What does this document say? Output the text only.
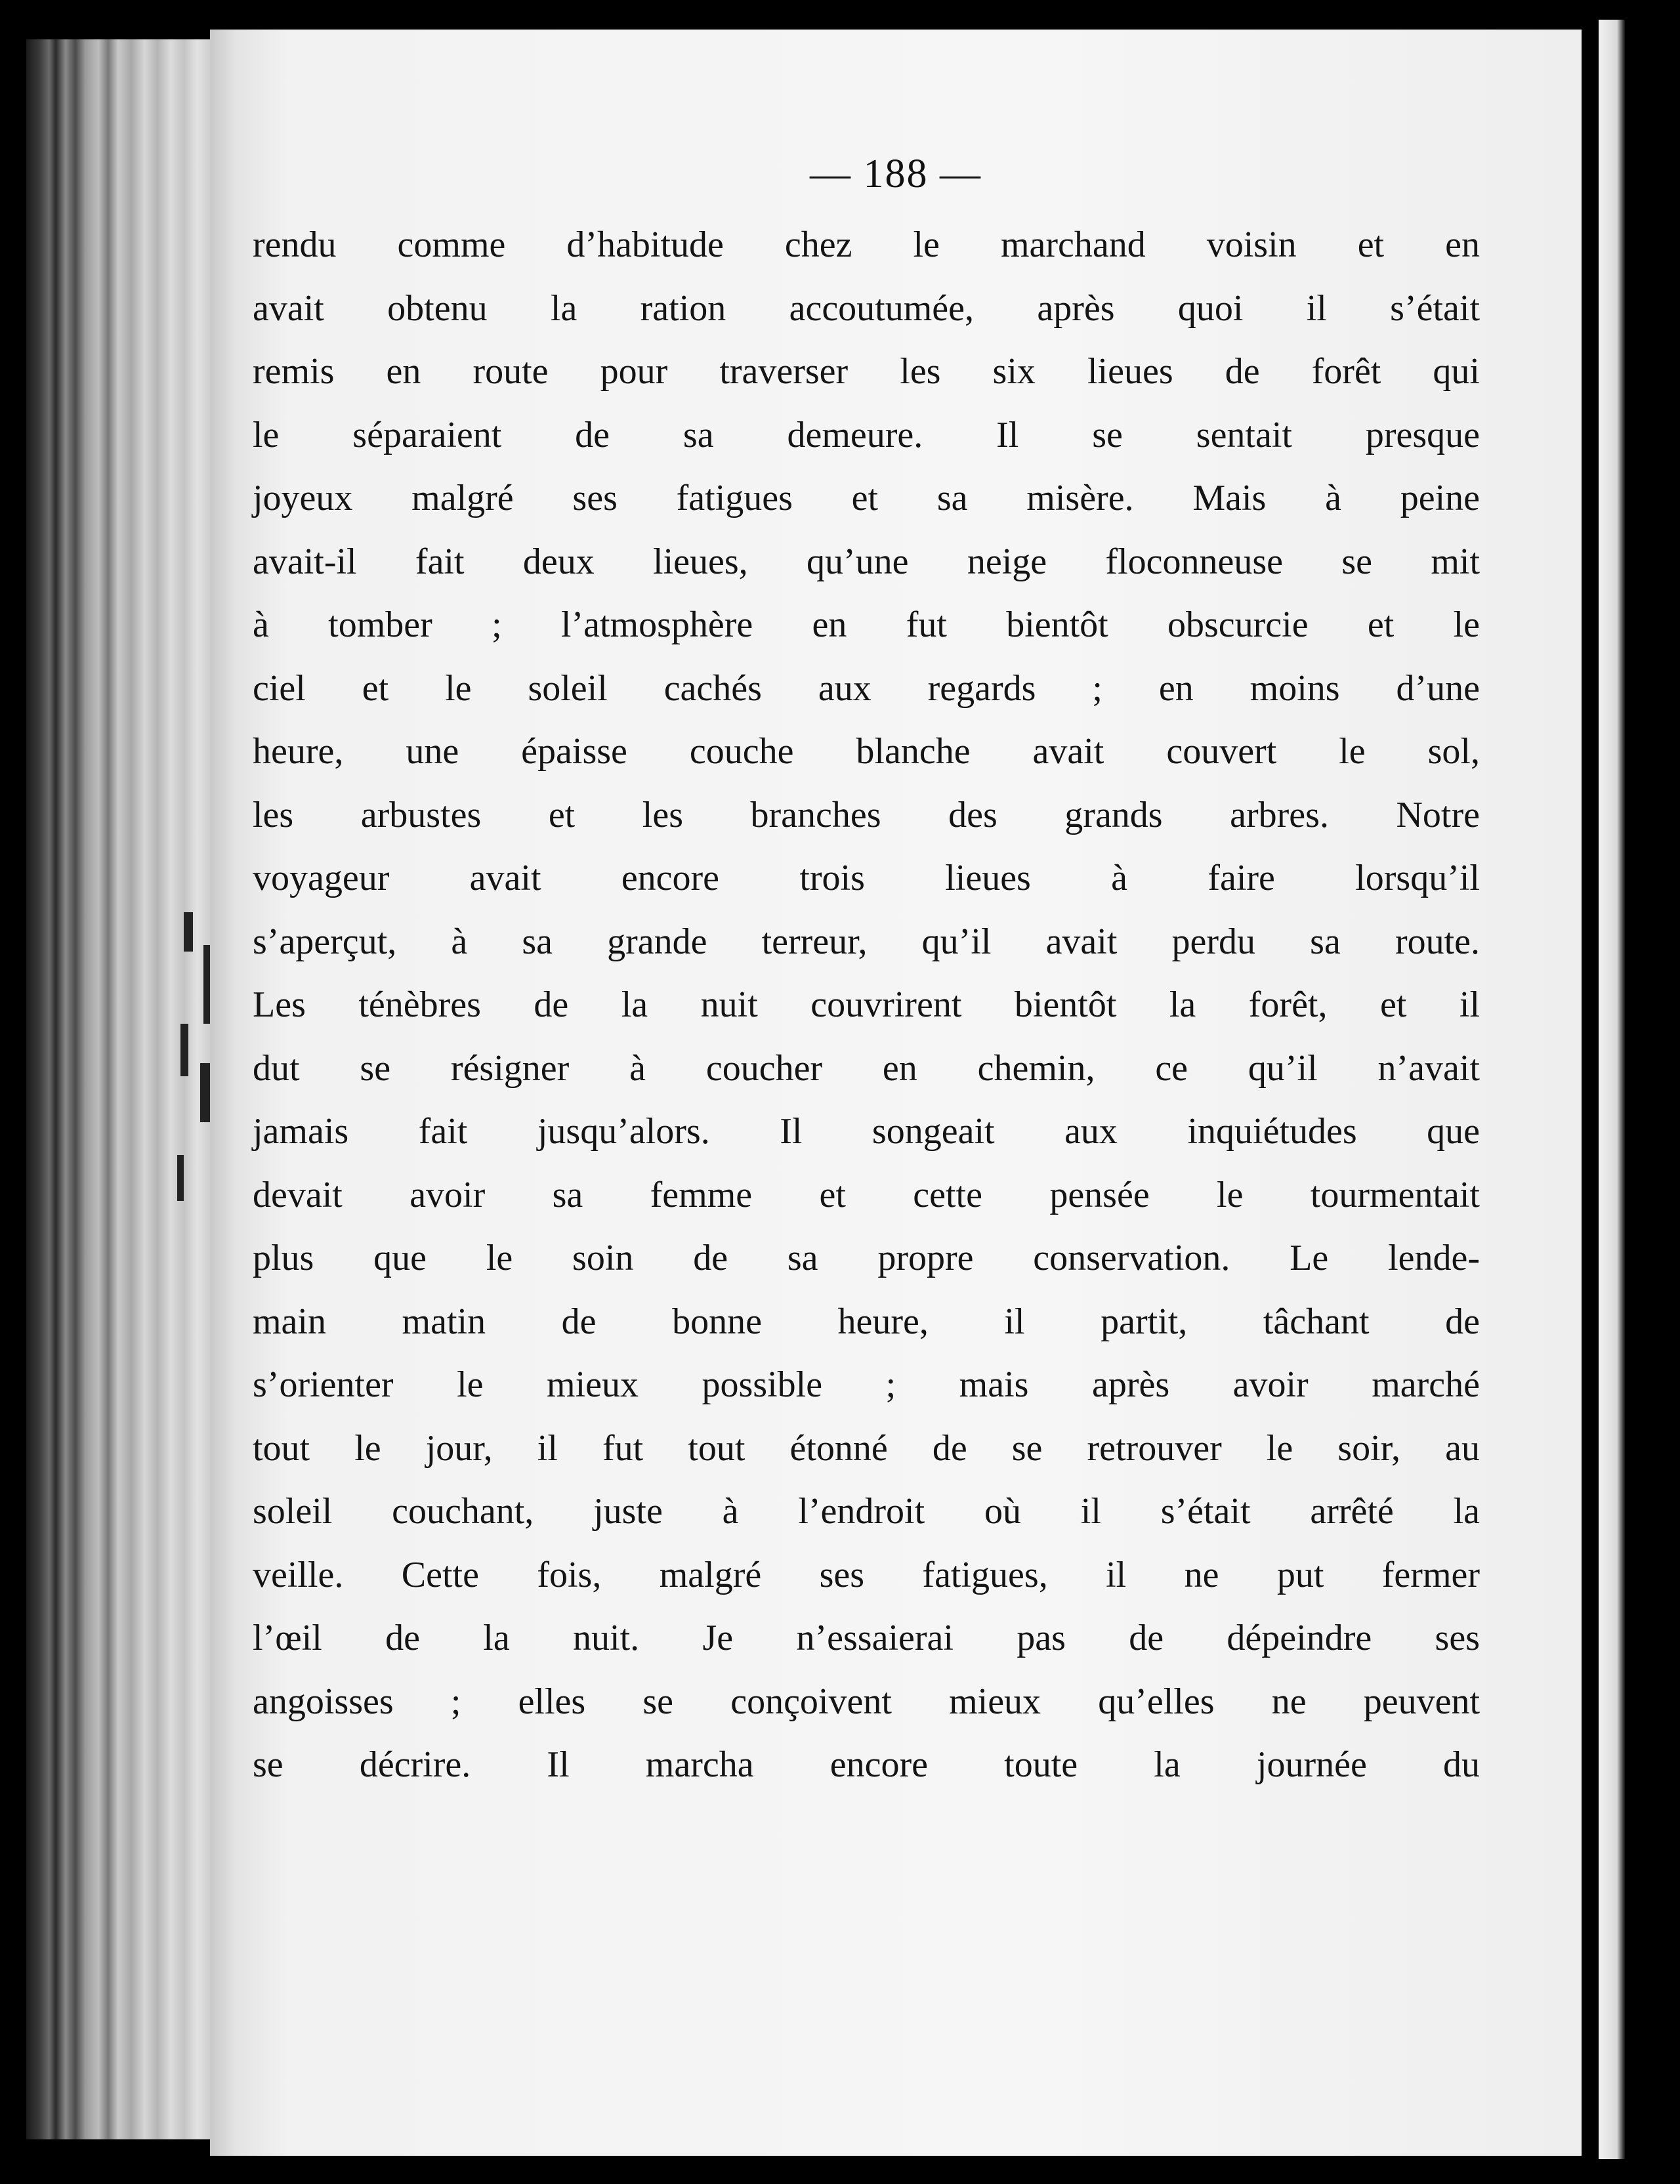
— 188 —
rendu comme d’habitude chez le marchand voisin et en
avait obtenu la ration accoutumée, après quoi il s’était
remis en route pour traverser les six lieues de forêt qui
le séparaient de sa demeure. Il se sentait presque
joyeux malgré ses fatigues et sa misère. Mais à peine
avait-il fait deux lieues, qu’une neige floconneuse se mit
à tomber ; l’atmosphère en fut bientôt obscurcie et le
ciel et le soleil cachés aux regards ; en moins d’une
heure, une épaisse couche blanche avait couvert le sol,
les arbustes et les branches des grands arbres. Notre
voyageur avait encore trois lieues à faire lorsqu’il
s’aperçut, à sa grande terreur, qu’il avait perdu sa route.
Les ténèbres de la nuit couvrirent bientôt la forêt, et il
dut se résigner à coucher en chemin, ce qu’il n’avait
jamais fait jusqu’alors. Il songeait aux inquiétudes que
devait avoir sa femme et cette pensée le tourmentait
plus que le soin de sa propre conservation. Le lende-
main matin de bonne heure, il partit, tâchant de
s’orienter le mieux possible ; mais après avoir marché
tout le jour, il fut tout étonné de se retrouver le soir, au
soleil couchant, juste à l’endroit où il s’était arrêté la
veille. Cette fois, malgré ses fatigues, il ne put fermer
l’œil de la nuit. Je n’essaierai pas de dépeindre ses
angoisses ; elles se conçoivent mieux qu’elles ne peuvent
se décrire. Il marcha encore toute la journée du
